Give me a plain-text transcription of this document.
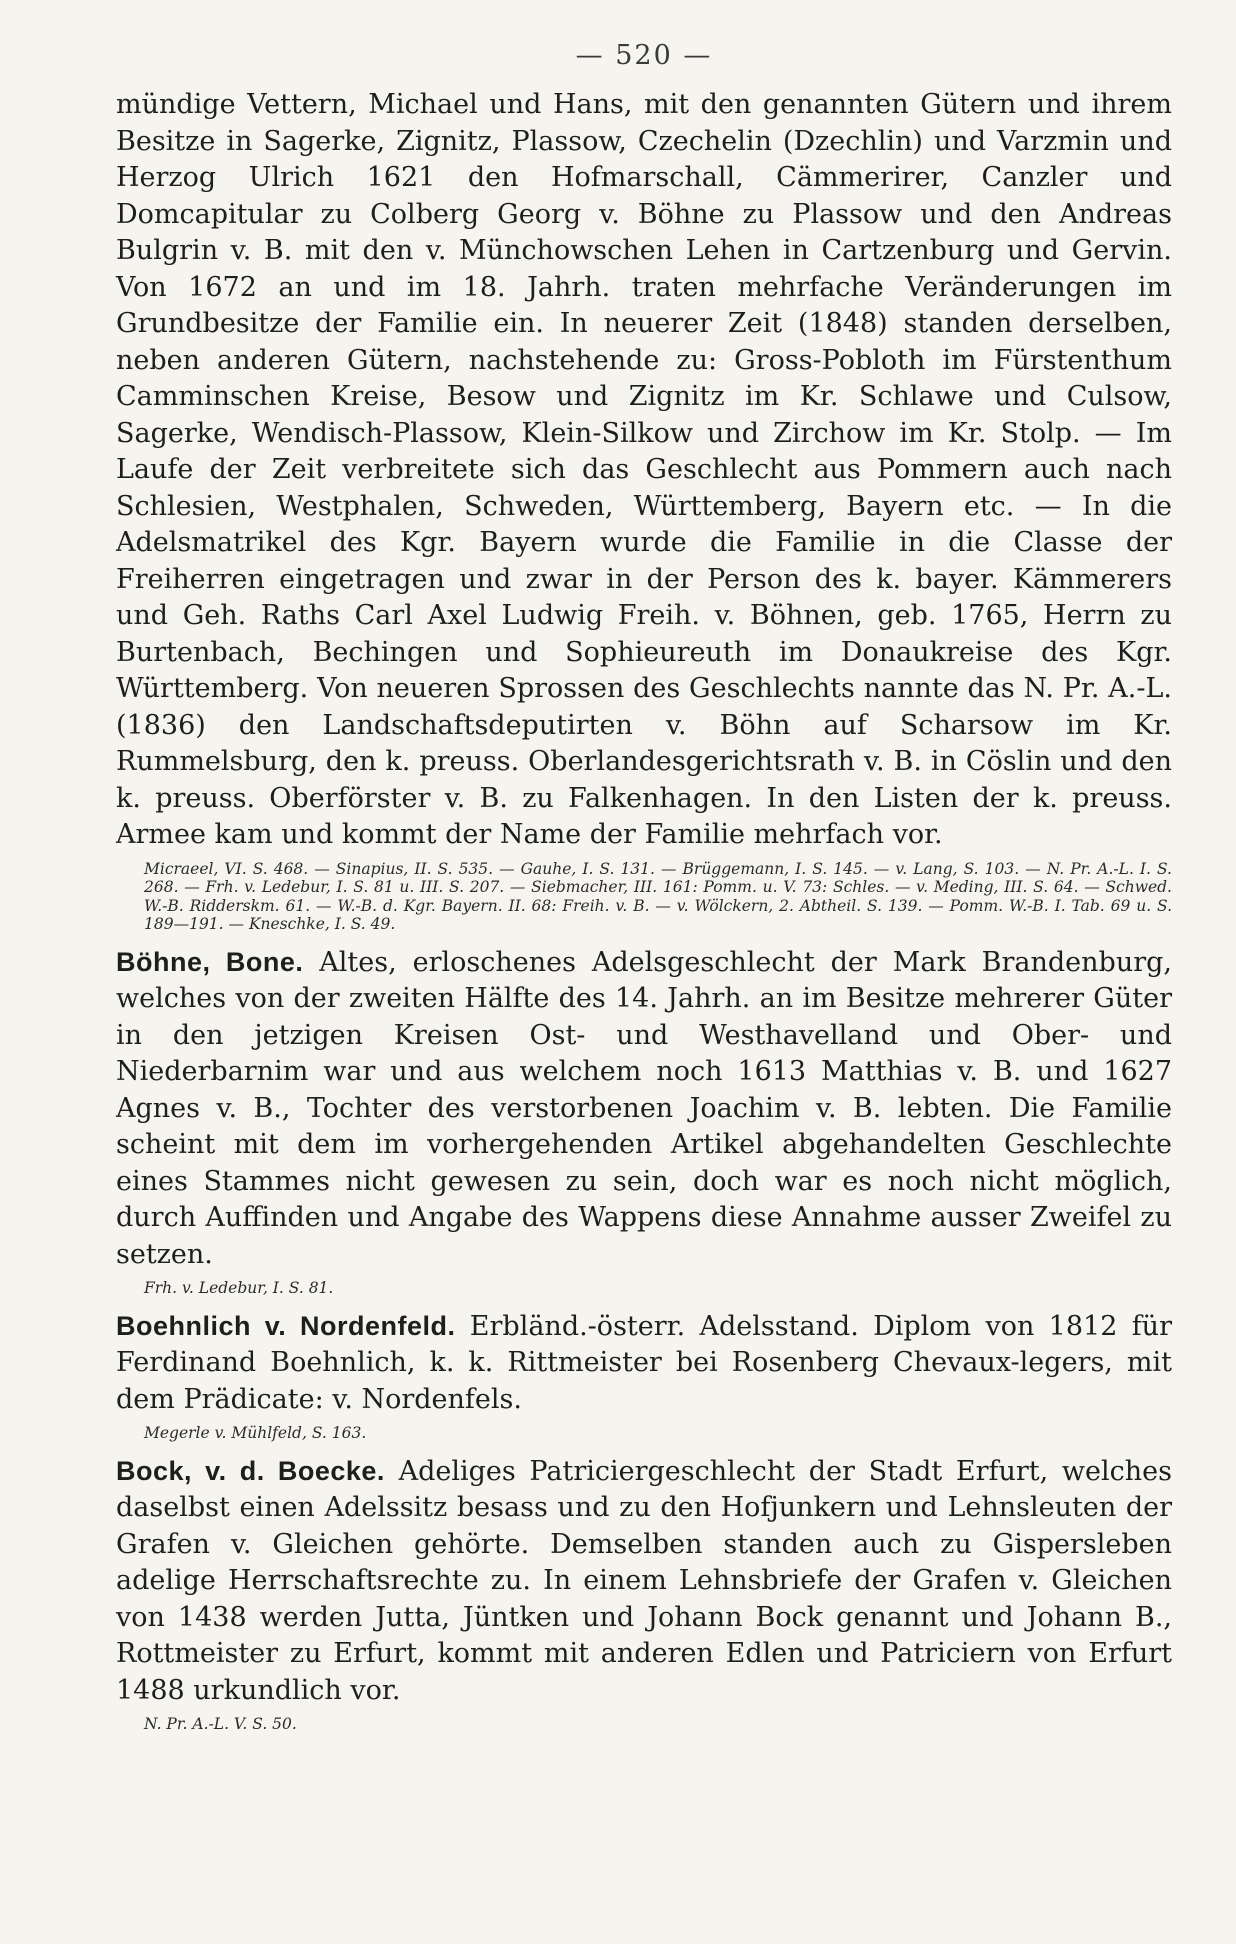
— 520 —

mündige Vettern, Michael und Hans, mit den genannten Gütern und ihrem Besitze in Sagerke, Zignitz, Plassow, Czechelin (Dzechlin) und Varzmin und Herzog Ulrich 1621 den Hofmarschall, Cämmerirer, Canzler und Domcapitular zu Colberg Georg v. Böhne zu Plassow und den Andreas Bulgrin v. B. mit den v. Münchowschen Lehen in Cartzenburg und Gervin. Von 1672 an und im 18. Jahrh. traten mehrfache Veränderungen im Grundbesitze der Familie ein. In neuerer Zeit (1848) standen derselben, neben anderen Gütern, nachstehende zu: Gross-Pobloth im Fürstenthum Camminschen Kreise, Besow und Zignitz im Kr. Schlawe und Culsow, Sagerke, Wendisch-Plassow, Klein-Silkow und Zirchow im Kr. Stolp. — Im Laufe der Zeit verbreitete sich das Geschlecht aus Pommern auch nach Schlesien, Westphalen, Schweden, Württemberg, Bayern etc. — In die Adelsmatrikel des Kgr. Bayern wurde die Familie in die Classe der Freiherren eingetragen und zwar in der Person des k. bayer. Kämmerers und Geh. Raths Carl Axel Ludwig Freih. v. Böhnen, geb. 1765, Herrn zu Burtenbach, Bechingen und Sophieureuth im Donaukreise des Kgr. Württemberg. Von neueren Sprossen des Geschlechts nannte das N. Pr. A.-L. (1836) den Landschaftsdeputirten v. Böhn auf Scharsow im Kr. Rummelsburg, den k. preuss. Oberlandesgerichtsrath v. B. in Cöslin und den k. preuss. Oberförster v. B. zu Falkenhagen. In den Listen der k. preuss. Armee kam und kommt der Name der Familie mehrfach vor.

Micraeel, VI. S. 468. — Sinapius, II. S. 535. — Gauhe, I. S. 131. — Brüggemann, I. S. 145. — v. Lang, S. 103. — N. Pr. A.-L. I. S. 268. — Frh. v. Ledebur, I. S. 81 u. III. S. 207. — Siebmacher, III. 161: Pomm. u. V. 73: Schles. — v. Meding, III. S. 64. — Schwed. W.-B. Ridderskm. 61. — W.-B. d. Kgr. Bayern. II. 68: Freih. v. B. — v. Wölckern, 2. Abtheil. S. 139. — Pomm. W.-B. I. Tab. 69 u. S. 189—191. — Kneschke, I. S. 49.

Böhne, Bone. Altes, erloschenes Adelsgeschlecht der Mark Brandenburg, welches von der zweiten Hälfte des 14. Jahrh. an im Besitze mehrerer Güter in den jetzigen Kreisen Ost- und Westhavelland und Ober- und Niederbarnim war und aus welchem noch 1613 Matthias v. B. und 1627 Agnes v. B., Tochter des verstorbenen Joachim v. B. lebten. Die Familie scheint mit dem im vorhergehenden Artikel abgehandelten Geschlechte eines Stammes nicht gewesen zu sein, doch war es noch nicht möglich, durch Auffinden und Angabe des Wappens diese Annahme ausser Zweifel zu setzen.

Frh. v. Ledebur, I. S. 81.

Boehnlich v. Nordenfeld. Erbländ.-österr. Adelsstand. Diplom von 1812 für Ferdinand Boehnlich, k. k. Rittmeister bei Rosenberg Chevaux-legers, mit dem Prädicate: v. Nordenfels.

Megerle v. Mühlfeld, S. 163.

Bock, v. d. Boecke. Adeliges Patriciergeschlecht der Stadt Erfurt, welches daselbst einen Adelssitz besass und zu den Hofjunkern und Lehnsleuten der Grafen v. Gleichen gehörte. Demselben standen auch zu Gispersleben adelige Herrschaftsrechte zu. In einem Lehnsbriefe der Grafen v. Gleichen von 1438 werden Jutta, Jüntken und Johann Bock genannt und Johann B., Rottmeister zu Erfurt, kommt mit anderen Edlen und Patriciern von Erfurt 1488 urkundlich vor.

N. Pr. A.-L. V. S. 50.
